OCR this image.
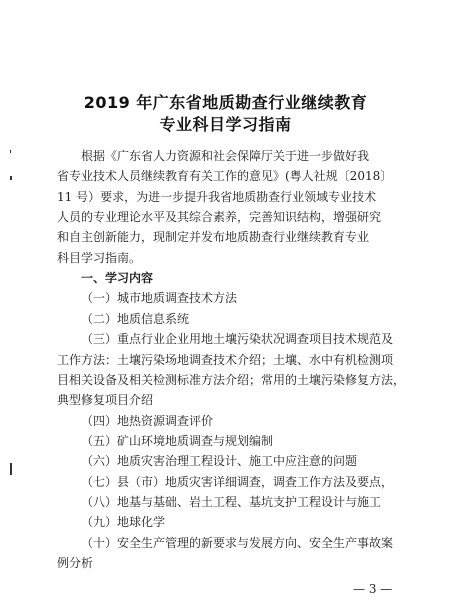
2019 年广东省地质勘查行业继续教育
专业科目学习指南
根据《广东省人力资源和社会保障厅关于进一步做好我
省专业技术人员继续教育有关工作的意见》(粤人社规〔2018〕
11 号）要求，为进一步提升我省地质勘查行业领域专业技术
人员的专业理论水平及其综合素养，完善知识结构，增强研究
和自主创新能力，现制定并发布地质勘查行业继续教育专业
科目学习指南。
一、学习内容
（一）城市地质调查技术方法
（二）地质信息系统
（三）重点行业企业用地土壤污染状况调查项目技术规范及
工作方法：土壤污染场地调查技术介绍；土壤、水中有机检测项
目相关设备及相关检测标准方法介绍；常用的土壤污染修复方法，
典型修复项目介绍
（四）地热资源调查评价
（五）矿山环境地质调查与规划编制
（六）地质灾害治理工程设计、施工中应注意的问题
（七）县（市）地质灾害详细调查，调查工作方法及要点，
（八）地基与基础、岩土工程、基坑支护工程设计与施工
（九）地球化学
（十）安全生产管理的新要求与发展方向、安全生产事故案
例分析
— 3 —
